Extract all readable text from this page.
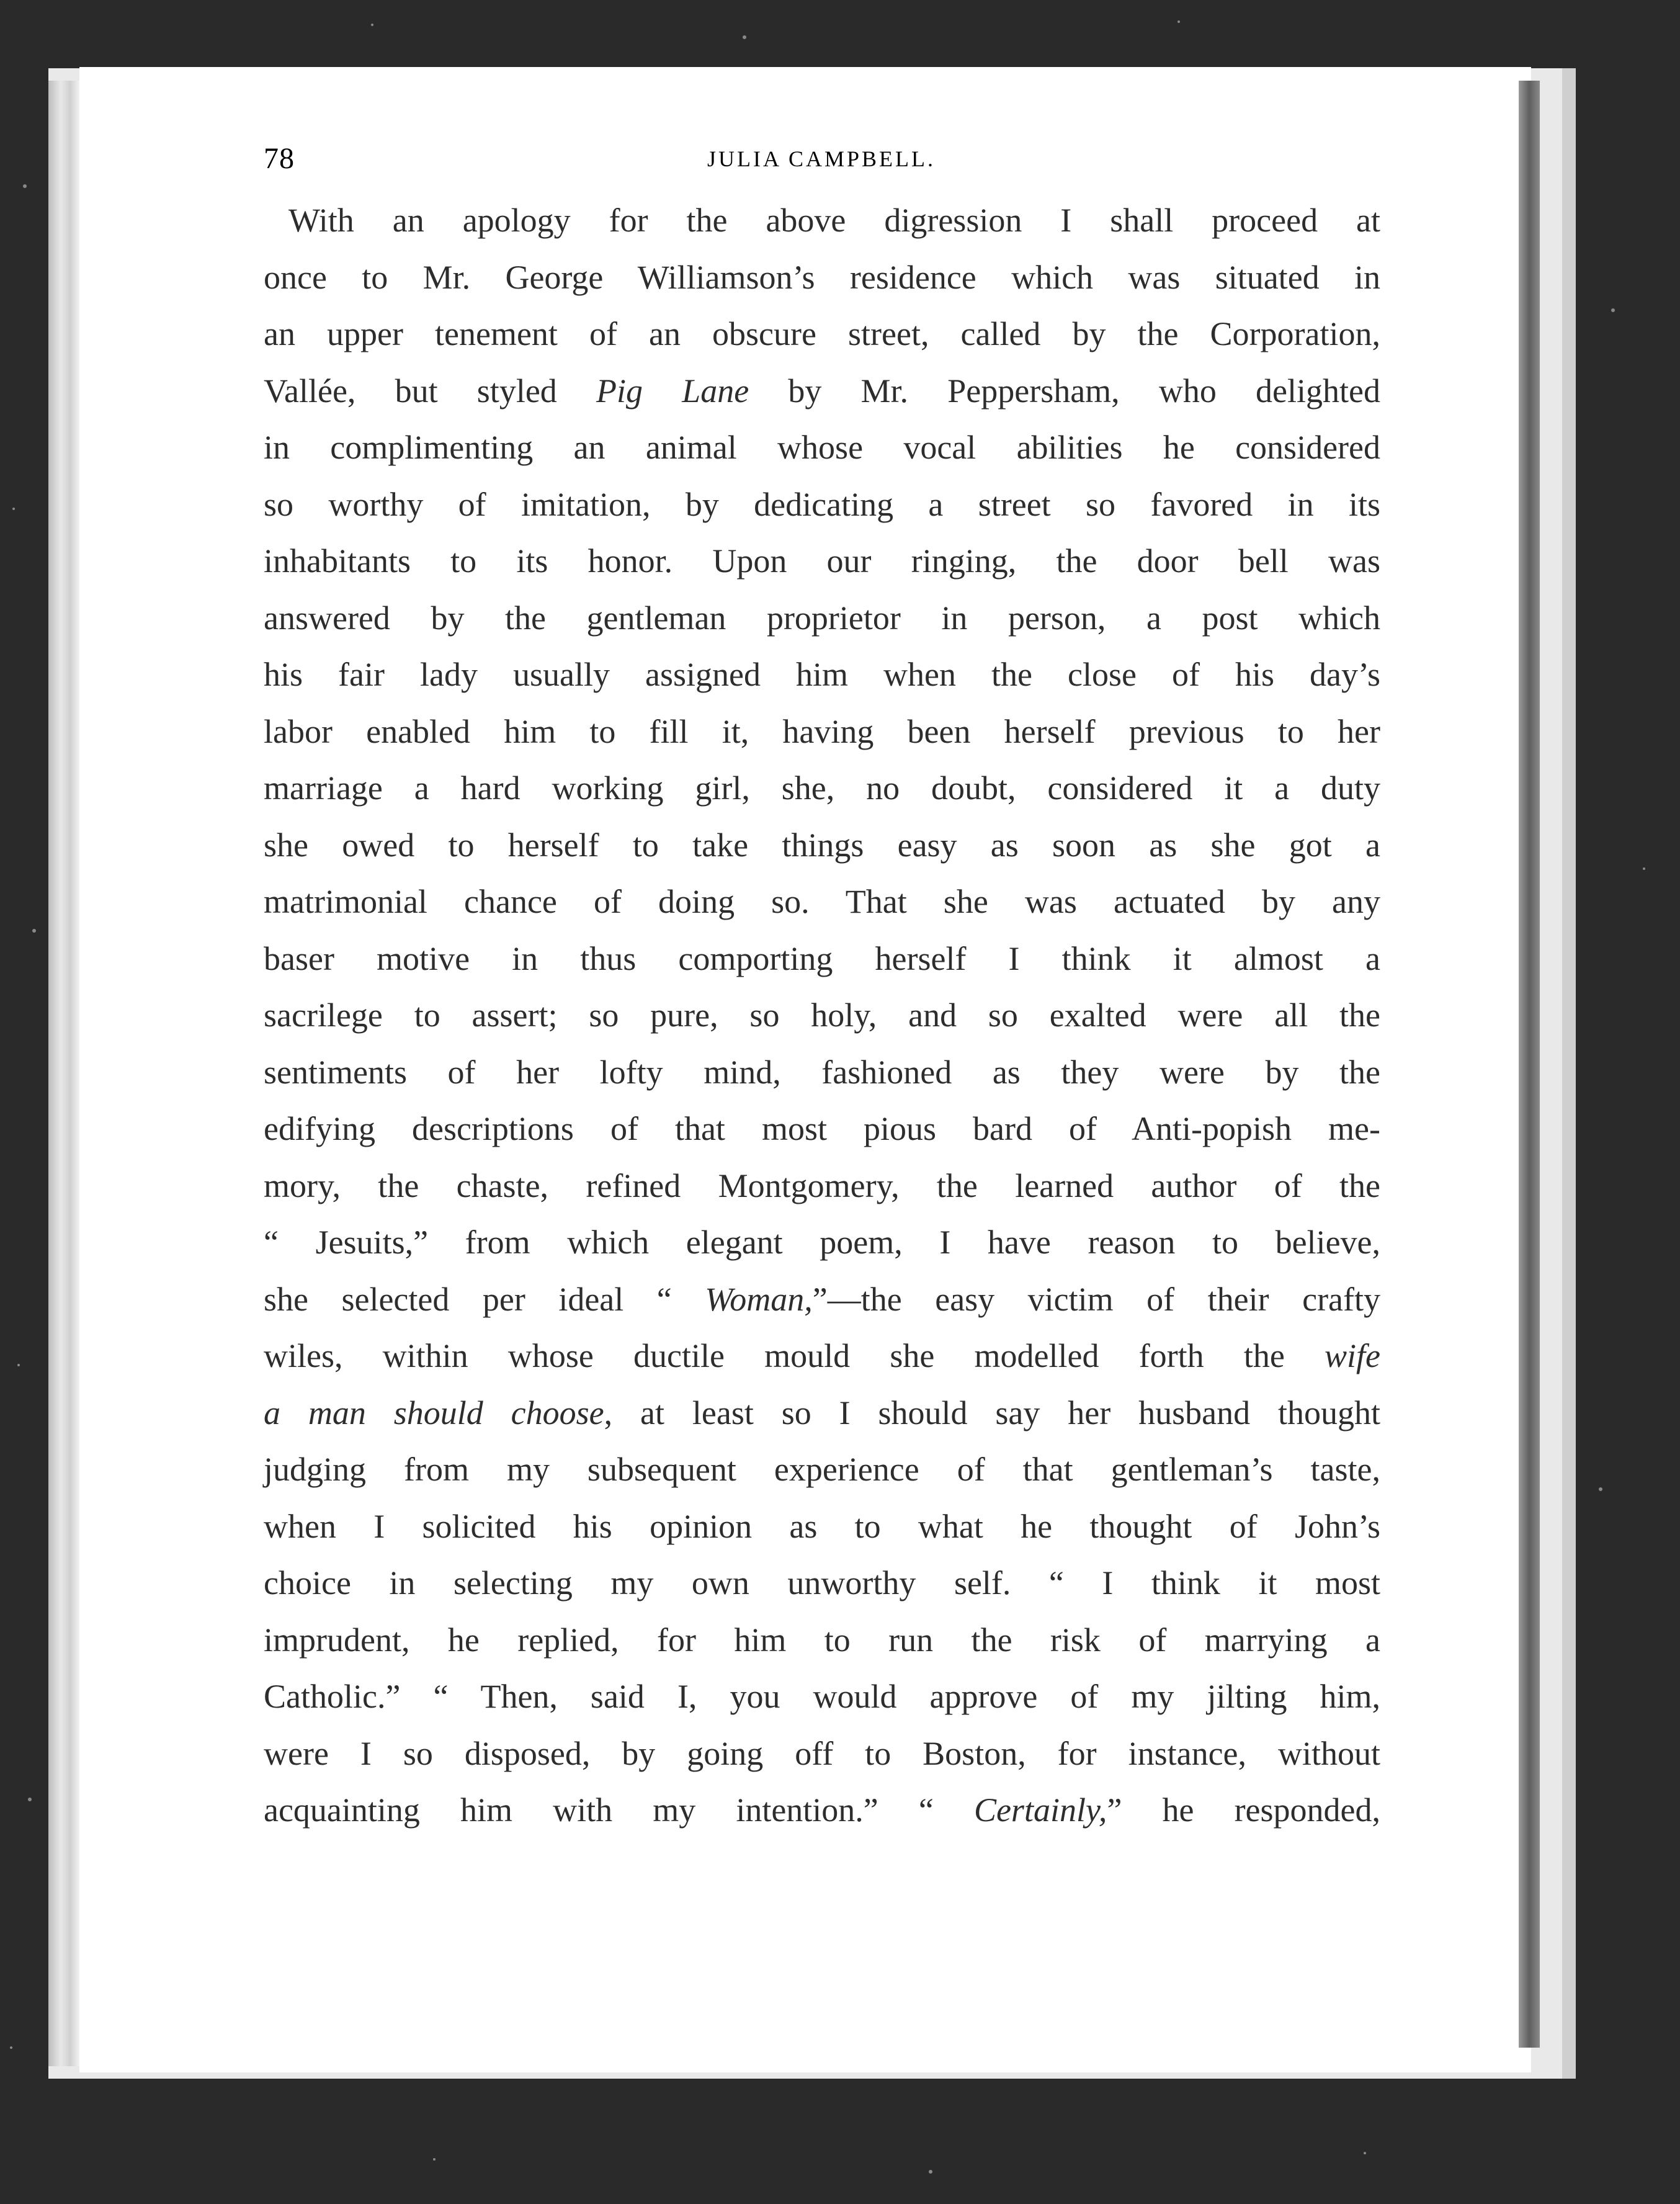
78	JULIA CAMPBELL.
With an apology for the above digression I shall proceed at
once to Mr. George Williamson’s residence which was situated in
an upper tenement of an obscure street, called by the Corporation,
Vallée, but styled Pig Lane by Mr. Peppersham, who delighted
in complimenting an animal whose vocal abilities he considered
so worthy of imitation, by dedicating a street so favored in its
inhabitants to its honor. Upon our ringing, the door bell was
answered by the gentleman proprietor in person, a post which
his fair lady usually assigned him when the close of his day’s
labor enabled him to fill it, having been herself previous to her
marriage a hard working girl, she, no doubt, considered it a duty
she owed to herself to take things easy as soon as she got a
matrimonial chance of doing so. That she was actuated by any
baser motive in thus comporting herself I think it almost a
sacrilege to assert; so pure, so holy, and so exalted were all the
sentiments of her lofty mind, fashioned as they were by the
edifying descriptions of that most pious bard of Anti-popish me-
mory, the chaste, refined Montgomery, the learned author of the
“ Jesuits,” from which elegant poem, I have reason to believe,
she selected per ideal “ Woman,”—the easy victim of their crafty
wiles, within whose ductile mould she modelled forth the wife
a man should choose, at least so I should say her husband thought
judging from my subsequent experience of that gentleman’s taste,
when I solicited his opinion as to what he thought of John’s
choice in selecting my own unworthy self. “ I think it most
imprudent, he replied, for him to run the risk of marrying a
Catholic.” “ Then, said I, you would approve of my jilting him,
were I so disposed, by going off to Boston, for instance, without
acquainting him with my intention.” “ Certainly,” he responded,
